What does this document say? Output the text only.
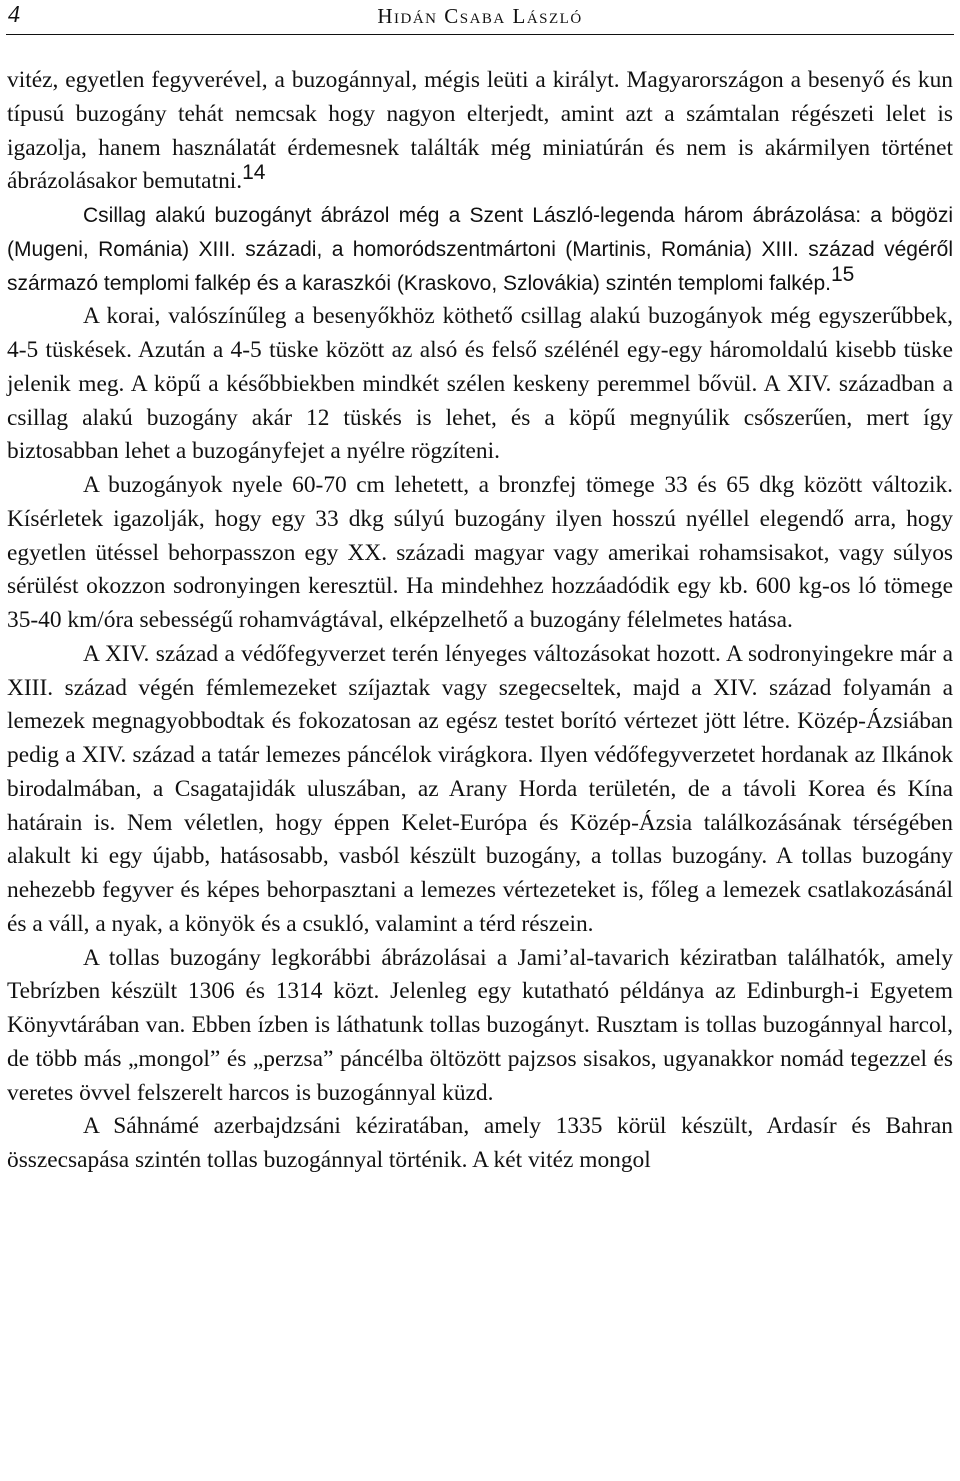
4	Hidán Csaba László

vitéz, egyetlen fegyverével, a buzogánnyal, mégis leüti a királyt. Magyarországon a besenyő és kun típusú buzogány tehát nemcsak hogy nagyon elterjedt, amint azt a számtalan régészeti lelet is igazolja, hanem használatát érdemesnek találták még miniatúrán és nem is akármilyen történet ábrázolásakor bemutatni.$^{14}$

Csillag alakú buzogányt ábrázol még a Szent László-legenda három ábrázolása: a bögözi (Mugeni, Románia) XIII. századi, a homoródszentmártoni (Martinis, Románia) XIII. század végéről származó templomi falkép és a karaszkói (Kraskovo, Szlovákia) szintén templomi falkép.$^{15}$

A korai, valószínűleg a besenyőkhöz köthető csillag alakú buzogányok még egyszerűbbek, 4-5 tüskések. Azután a 4-5 tüske között az alsó és felső szélénél egy-egy háromoldalú kisebb tüske jelenik meg. A köpű a későbbiekben mindkét szélen keskeny peremmel bővül. A XIV. században a csillag alakú buzogány akár 12 tüskés is lehet, és a köpű megnyúlik csőszerűen, mert így biztosabban lehet a buzogányfejet a nyélre rögzíteni.

A buzogányok nyele 60-70 cm lehetett, a bronzfej tömege 33 és 65 dkg között változik. Kísérletek igazolják, hogy egy 33 dkg súlyú buzogány ilyen hosszú nyéllel elegendő arra, hogy egyetlen ütéssel behorpasszon egy XX. századi magyar vagy amerikai rohamsisakot, vagy súlyos sérülést okozzon sodronyingen keresztül. Ha mindehhez hozzáadódik egy kb. 600 kg-os ló tömege 35-40 km/óra sebességű rohamvágtával, elképzelhető a buzogány félelmetes hatása.

A XIV. század a védőfegyverzet terén lényeges változásokat hozott. A sodronyingekre már a XIII. század végén fémlemezeket szíjaztak vagy szegecseltek, majd a XIV. század folyamán a lemezek megnagyobbodtak és fokozatosan az egész testet borító vértezet jött létre. Közép-Ázsiában pedig a XIV. század a tatár lemezes páncélok virágkora. Ilyen védőfegyverzetet hordanak az Ilkánok birodalmában, a Csagatajidák uluszában, az Arany Horda területén, de a távoli Korea és Kína határain is. Nem véletlen, hogy éppen Kelet-Európa és Közép-Ázsia találkozásának térségében alakult ki egy újabb, hatásosabb, vasból készült buzogány, a tollas buzogány. A tollas buzogány nehezebb fegyver és képes behorpasztani a lemezes vértezeteket is, főleg a lemezek csatlakozásánál és a váll, a nyak, a könyök és a csukló, valamint a térd részein.

A tollas buzogány legkorábbi ábrázolásai a Jami’al-tavarich kéziratban találhatók, amely Tebrízben készült 1306 és 1314 közt. Jelenleg egy kutatható példánya az Edinburgh-i Egyetem Könyvtárában van. Ebben ízben is láthatunk tollas buzogányt. Rusztam is tollas buzogánnyal harcol, de több más „mongol” és „perzsa” páncélba öltözött pajzsos sisakos, ugyanakkor nomád tegezzel és veretes övvel felszerelt harcos is buzogánnyal küzd.

A Sáhnámé azerbajdzsáni kéziratában, amely 1335 körül készült, Ardasír és Bahran összecsapása szintén tollas buzogánnyal történik. A két vitéz mongol
